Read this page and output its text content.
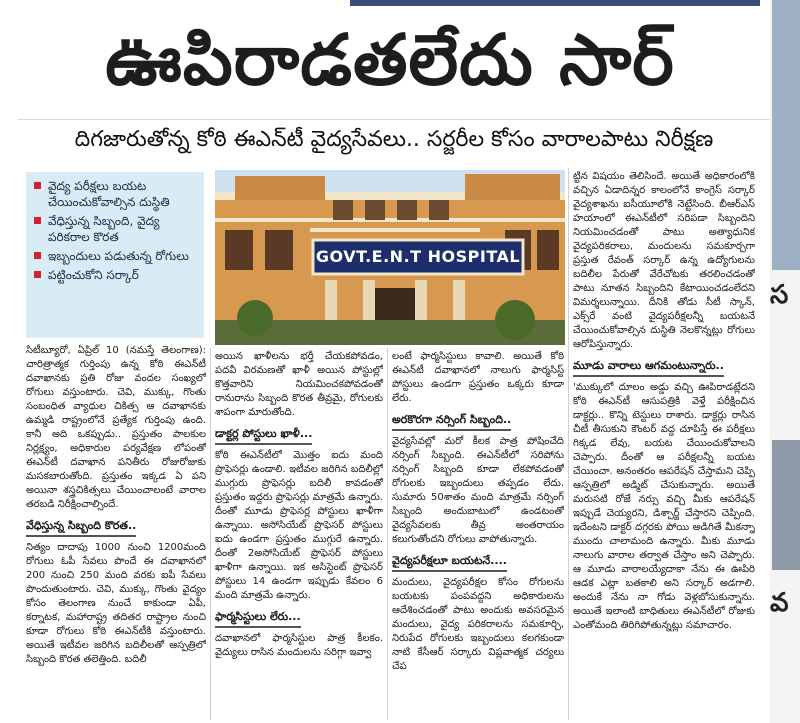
ఊపిరాడతలేదు సార్
దిగజారుతోన్న కోఠి ఈఎన్‌టీ వైద్యసేవలు.. సర్జరీల కోసం వారాలపాటు నిరీక్షణ
వైద్య పరీక్షలు బయట చేయించుకోవాల్సిన దుస్థితి
వేధిస్తున్న సిబ్బంది, వైద్య పరికరాల కొరత
ఇబ్బందులు పడుతున్న రోగులు
పట్టించుకోని సర్కార్
GOVT.E.N.T HOSPITAL

సిటీబ్యూరో, ఏప్రిల్ 10 (నమస్తే తెలంగాణ): చారిత్రాత్మక గుర్తింపు ఉన్న కోఠి ఈఎన్‌టీ దవాఖానకు ప్రతి రోజు వందల సంఖ్యలో రోగులు వస్తుంటారు. చెవి, ముక్కు, గొంతు సంబంధిత వ్యాధుల చికిత్స ఆ దవాఖానకు ఉమ్మడి రాష్ట్రంలోనే ప్రత్యేక గుర్తింపు ఉంది. కానీ అది ఒకప్పుడు.. ప్రస్తుతం పాలకుల నిర్లక్ష్యం, అధికారుల పర్యవేక్షణ లోపంతో ఈఎన్‌టీ దవాఖాన పనితీరు రోజురోజుకు మసకబారుతోంది. ప్రస్తుతం ఇక్కడ ఏ పని అయినా శస్త్రచికిత్సలు చేయించాలంటే వారాల తరబడి నిరీక్షించాల్సిందే.

వేధిస్తున్న సిబ్బంది కొరత..

నిత్యం దాదాపు 1000 నుంచి 1200మంది రోగులు ఓపీ సేవలు పొందే ఈ దవాఖానలో 200 నుంచి 250 మంది వరకు ఐపీ సేవలు పొందుతుంటారు. చెవి, ముక్కు, గొంతు వైద్యం కోసం తెలంగాణ నుంచే కాకుండా ఏపీ, కర్నాటక, మహారాష్ట్ర తదితర రాష్ట్రాల నుంచి కూడా రోగులు కోఠి ఈఎన్‌టీకి వస్తుంటారు. అయితే ఇటీవల జరిగిన బదిలీలతో ఆస్పత్రిలో సిబ్బంది కొరత తలెత్తింది. బదిలీ

అయిన ఖాళీలను భర్తీ చేయకపోవడం, పదవీ విరమణతో ఖాళీ అయిన పోస్టుల్లో కొత్తవారిని నియమించకపోవడంతో రానురాను సిబ్బంది కొరత తీవ్రమై, రోగులకు శాపంగా మారుతోంది.

డాక్టర్ల పోస్టులు ఖాళీ...

కోఠి ఈఎన్‌టీలో మొత్తం ఐదు మంది ప్రొఫెసర్లు ఉండాలి. ఇటీవల జరిగిన బదిలీల్లో ముగ్గురు ప్రొఫెసర్లు బదిలీ కావడంతో ప్రస్తుతం ఇద్దరు ప్రొఫెసర్లు మాత్రమే ఉన్నారు. దీంతో మూడు ప్రొఫెసర్ల పోస్టులు ఖాళీగా ఉన్నాయి. అసోసియేట్ ప్రొఫెసర్ పోస్టులు ఐదు ఉండగా ప్రస్తుతం ముగ్గురే ఉన్నారు. దీంతో 2అసోసియేట్ ప్రొఫెసర్ పోస్టులు ఖాళీగా ఉన్నాయి. ఇక అసిస్టెంట్ ప్రొఫెసర్ పోస్టులు 14 ఉండగా ఇప్పుడు కేవలం 6 మంది మాత్రమే ఉన్నారు.

ఫార్మసిస్టులు లేరు...

దవాఖానలో ఫార్మసిస్టుల పాత్ర కీలకం. వైద్యులు రాసిన మందులను సరిగ్గా ఇవ్వా

లంటే ఫార్మసిస్టులు కావాలి. అయితే కోఠి ఈఎన్‌టీ దవాఖానలో నాలుగు ఫార్మసిస్ట్ పోస్టులు ఉండగా ప్రస్తుతం ఒక్కరు కూడా లేరు.

అరకొరగా నర్సింగ్ సిబ్బంది..

వైద్యసేవల్లో మరో కీలక పాత్ర పోషించేది నర్సింగ్ సిబ్బంది. ఈఎన్‌టీలో సరిపోను నర్సింగ్ సిబ్బంది కూడా లేకపోవడంతో రోగులకు ఇబ్బందులు తప్పడం లేదు. సుమారు 50శాతం మంది మాత్రమే నర్సింగ్ సిబ్బంది అందుబాటులో ఉండటంతో వైద్యసేవలకు తీవ్ర అంతరాయం కలుగుతోందని రోగులు వాపోతున్నారు.

వైద్యపరీక్షలూ బయటనే....

మందులు, వైద్యపరీక్షల కోసం రోగులను బయటకు పంపవద్దని అధికారులను ఆదేశించడంతో పాటు అందుకు అవసరమైన మందులు, వైద్య పరికరాలను సమకూర్చి, నిరుపేద రోగులకు ఇబ్బందులు కలగకుండా నాటి కేసీఆర్ సర్కారు విప్లవాత్మక చర్యలు చేప

ట్టిన విషయం తెలిసిందే. అయితే అధికారంలోకి వచ్చిన ఏడాదిన్నర కాలంలోనే కాంగ్రెస్ సర్కార్ వైద్యశాఖను ఐసీయూలోకి నెట్టేసింది. బీఆర్‌ఎస్ హయాంలో ఈఎన్‌టీలో సరిపడా సిబ్బందిని నియమించడంతో పాటు అత్యాధునిక వైద్యపరికరాలు, మందులను సమకూర్చగా ప్రస్తుత రేవంత్ సర్కార్ ఉన్న ఉద్యోగులను బదిలీల పేరుతో వేరేచోటకు తరలించడంతో పాటు నూతన సిబ్బందిని కేటాయించడంలేదని విమర్శలున్నాయి. దీనికి తోడు సీటీ స్కాన్, ఎక్స్‌రే వంటి వైద్యపరీక్షలన్నీ బయటనే చేయించుకోవాల్సిన దుస్థితి నెలకొన్నట్లు రోగులు ఆరోపిస్తున్నారు.

మూడు వారాలు ఆగమంటున్నారు..

'ముక్కులో దూలం అడ్డు వచ్చి ఊపిరాడట్లేదని కోఠి ఈఎన్‌టీ ఆసుపత్రికి వెళ్తే పరీక్షించిన డాక్టర్లు.. కొన్ని టెస్టులు రాశారు. డాక్టర్లు రాసిన చీటీ తీసుకుని కౌంటర్ వద్ద చూపిస్తే ఈ పరీక్షలు గిక్కడ లేవు, బయట చేయించుకోవాలని చెప్పారు. దీంతో ఆ పరీక్షలన్నీ బయట చేయించా. అనంతరం ఆపరేషన్ చేస్తామని చెప్పి ఆస్పత్రిలో అడ్మిట్ చేసుకున్నారు. అయితే మరుసటి రోజే నర్సు వచ్చి మీకు ఆపరేషన్ ఇప్పుడే చెయ్యరని, డిశ్చార్జ్ చేస్తారని చెప్పింది. ఇదేంటని డాక్టర్ దగ్గరకు పోయి అడిగితే మీకన్నా ముందు చాలామంది ఉన్నారు. మీకు మూడు నాలుగు వారాల తర్వాత చేస్తాం అని చెప్పారు. ఆ మూడు వారాలయ్యేదాకా నేను ఈ ఊపిరి ఆడక ఎట్లా బతకాలి అని సర్కార్ అడగాలి. అందుకే నేను నా గోడు వెళ్లబోసుకున్నాను. అయితే ఇలాంటి బాధితులు ఈఎన్‌టీలో రోజుకు ఎంతోమంది తిరిగిపోతున్నట్లు సమాచారం.

స
వ
